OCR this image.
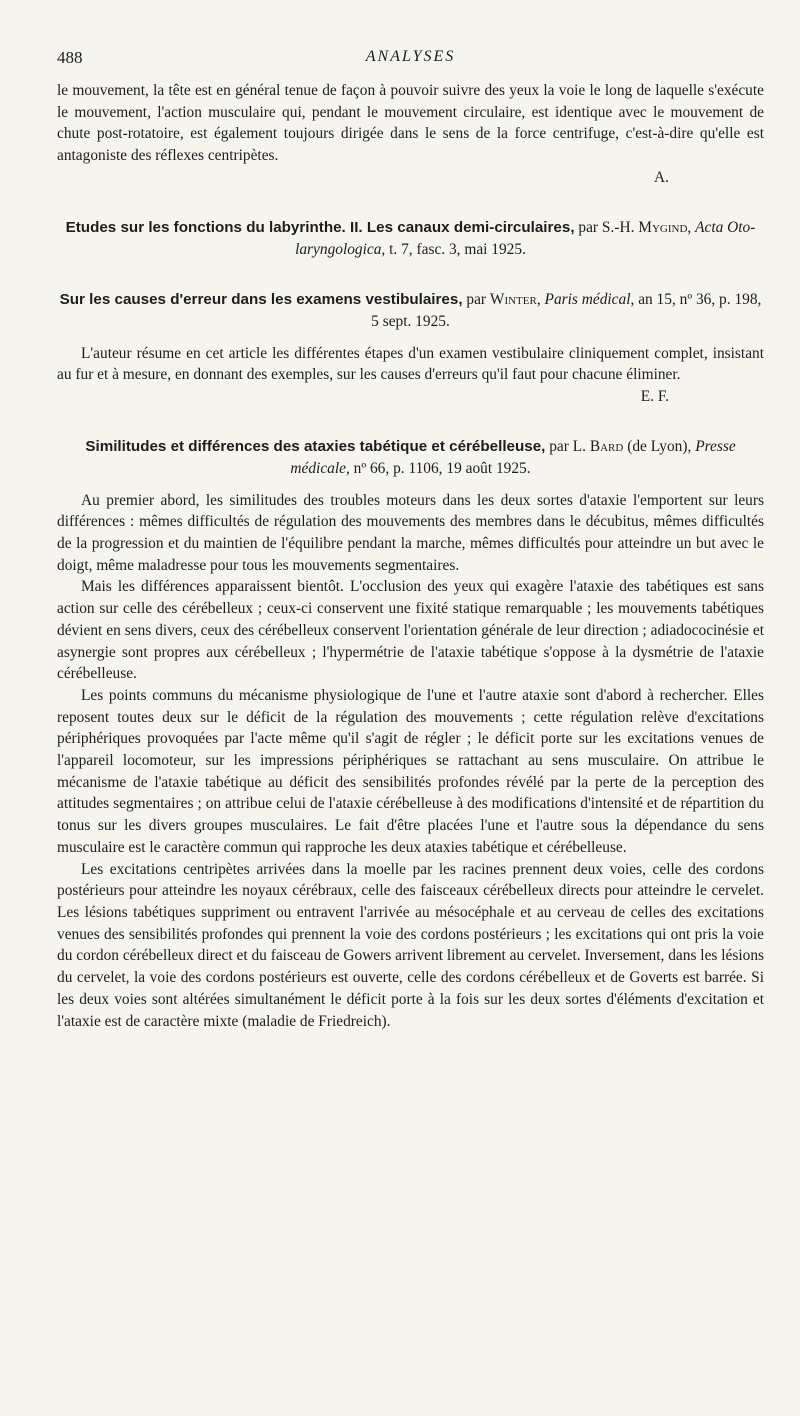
488	ANALYSES

le mouvement, la tête est en général tenue de façon à pouvoir suivre des yeux la voie le long de laquelle s'exécute le mouvement, l'action musculaire qui, pendant le mouvement circulaire, est identique avec le mouvement de chute post-rotatoire, est également toujours dirigée dans le sens de la force centrifuge, c'est-à-dire qu'elle est antagoniste des réflexes centripètes.

A.
Etudes sur les fonctions du labyrinthe. II. Les canaux demi-circulaires, par S.-H. Mygind, Acta Oto-laryngologica, t. 7, fasc. 3, mai 1925.
Sur les causes d'erreur dans les examens vestibulaires, par Winter, Paris médical, an 15, nº 36, p. 198, 5 sept. 1925.

L'auteur résume en cet article les différentes étapes d'un examen vestibulaire cliniquement complet, insistant au fur et à mesure, en donnant des exemples, sur les causes d'erreurs qu'il faut pour chacune éliminer.

E. F.
Similitudes et différences des ataxies tabétique et cérébelleuse, par L. Bard (de Lyon), Presse médicale, nº 66, p. 1106, 19 août 1925.

Au premier abord, les similitudes des troubles moteurs dans les deux sortes d'ataxie l'emportent sur leurs différences : mêmes difficultés de régulation des mouvements des membres dans le décubitus, mêmes difficultés de la progression et du maintien de l'équilibre pendant la marche, mêmes difficultés pour atteindre un but avec le doigt, même maladresse pour tous les mouvements segmentaires.

Mais les différences apparaissent bientôt. L'occlusion des yeux qui exagère l'ataxie des tabétiques est sans action sur celle des cérébelleux ; ceux-ci conservent une fixité statique remarquable ; les mouvements tabétiques dévient en sens divers, ceux des cérébelleux conservent l'orientation générale de leur direction ; adiadococinésie et asynergie sont propres aux cérébelleux ; l'hypermétrie de l'ataxie tabétique s'oppose à la dysmétrie de l'ataxie cérébelleuse.

Les points communs du mécanisme physiologique de l'une et l'autre ataxie sont d'abord à rechercher. Elles reposent toutes deux sur le déficit de la régulation des mouvements ; cette régulation relève d'excitations périphériques provoquées par l'acte même qu'il s'agit de régler ; le déficit porte sur les excitations venues de l'appareil locomoteur, sur les impressions périphériques se rattachant au sens musculaire. On attribue le mécanisme de l'ataxie tabétique au déficit des sensibilités profondes révélé par la perte de la perception des attitudes segmentaires ; on attribue celui de l'ataxie cérébelleuse à des modifications d'intensité et de répartition du tonus sur les divers groupes musculaires. Le fait d'être placées l'une et l'autre sous la dépendance du sens musculaire est le caractère commun qui rapproche les deux ataxies tabétique et cérébelleuse.

Les excitations centripètes arrivées dans la moelle par les racines prennent deux voies, celle des cordons postérieurs pour atteindre les noyaux cérébraux, celle des faisceaux cérébelleux directs pour atteindre le cervelet. Les lésions tabétiques suppriment ou entravent l'arrivée au mésocéphale et au cerveau de celles des excitations venues des sensibilités profondes qui prennent la voie des cordons postérieurs ; les excitations qui ont pris la voie du cordon cérébelleux direct et du faisceau de Gowers arrivent librement au cervelet. Inversement, dans les lésions du cervelet, la voie des cordons postérieurs est ouverte, celle des cordons cérébelleux et de Goverts est barrée. Si les deux voies sont altérées simultanément le déficit porte à la fois sur les deux sortes d'éléments d'excitation et l'ataxie est de caractère mixte (maladie de Friedreich).
